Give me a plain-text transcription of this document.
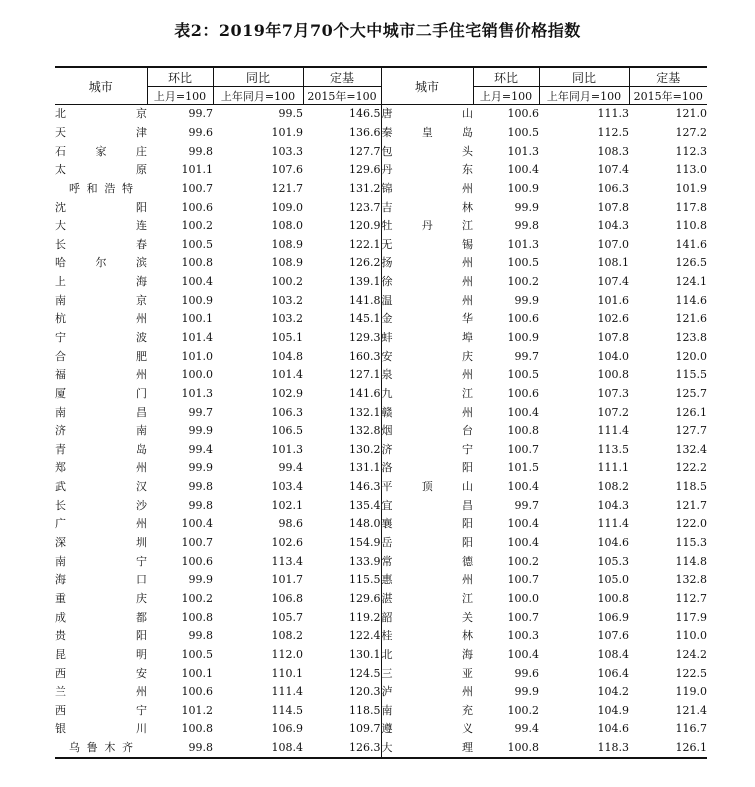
表2：2019年7月70个大中城市二手住宅销售价格指数
城市	环比	同比	定基	城市	环比	同比	定基
	上月=100	上年同月=100	2015年=100		上月=100	上年同月=100	2015年=100
北京	99.7	99.5	146.5	唐山	100.6	111.3	121.0
天津	99.6	101.9	136.6	秦皇岛	100.5	112.5	127.2
石家庄	99.8	103.3	127.7	包头	101.3	108.3	112.3
太原	101.1	107.6	129.6	丹东	100.4	107.4	113.0
呼和浩特	100.7	121.7	131.2	锦州	100.9	106.3	101.9
沈阳	100.6	109.0	123.7	吉林	99.9	107.8	117.8
大连	100.2	108.0	120.9	牡丹江	99.8	104.3	110.8
长春	100.5	108.9	122.1	无锡	101.3	107.0	141.6
哈尔滨	100.8	108.9	126.2	扬州	100.5	108.1	126.5
上海	100.4	100.2	139.1	徐州	100.2	107.4	124.1
南京	100.9	103.2	141.8	温州	99.9	101.6	114.6
杭州	100.1	103.2	145.1	金华	100.6	102.6	121.6
宁波	101.4	105.1	129.3	蚌埠	100.9	107.8	123.8
合肥	101.0	104.8	160.3	安庆	99.7	104.0	120.0
福州	100.0	101.4	127.1	泉州	100.5	100.8	115.5
厦门	101.3	102.9	141.6	九江	100.6	107.3	125.7
南昌	99.7	106.3	132.1	赣州	100.4	107.2	126.1
济南	99.9	106.5	132.8	烟台	100.8	111.4	127.7
青岛	99.4	101.3	130.2	济宁	100.7	113.5	132.4
郑州	99.9	99.4	131.1	洛阳	101.5	111.1	122.2
武汉	99.8	103.4	146.3	平顶山	100.4	108.2	118.5
长沙	99.8	102.1	135.4	宜昌	99.7	104.3	121.7
广州	100.4	98.6	148.0	襄阳	100.4	111.4	122.0
深圳	100.7	102.6	154.9	岳阳	100.4	104.6	115.3
南宁	100.6	113.4	133.9	常德	100.2	105.3	114.8
海口	99.9	101.7	115.5	惠州	100.7	105.0	132.8
重庆	100.2	106.8	129.6	湛江	100.0	100.8	112.7
成都	100.8	105.7	119.2	韶关	100.7	106.9	117.9
贵阳	99.8	108.2	122.4	桂林	100.3	107.6	110.0
昆明	100.5	112.0	130.1	北海	100.4	108.4	124.2
西安	100.1	110.1	124.5	三亚	99.6	106.4	122.5
兰州	100.6	111.4	120.3	泸州	99.9	104.2	119.0
西宁	101.2	114.5	118.5	南充	100.2	104.9	121.4
银川	100.8	106.9	109.7	遵义	99.4	104.6	116.7
乌鲁木齐	99.8	108.4	126.3	大理	100.8	118.3	126.1
